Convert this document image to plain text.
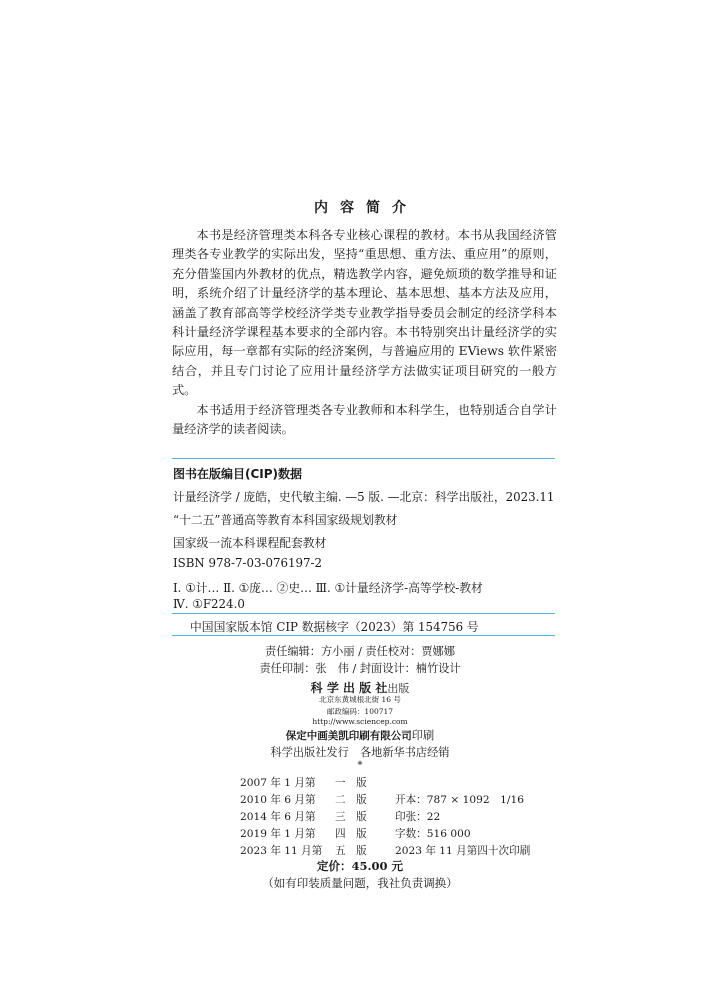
内容简介

本书是经济管理类本科各专业核心课程的教材。本书从我国经济管理类各专业教学的实际出发，坚持“重思想、重方法、重应用”的原则，充分借鉴国内外教材的优点，精选教学内容，避免烦琐的数学推导和证明，系统介绍了计量经济学的基本理论、基本思想、基本方法及应用，涵盖了教育部高等学校经济学类专业教学指导委员会制定的经济学科本科计量经济学课程基本要求的全部内容。本书特别突出计量经济学的实际应用，每一章都有实际的经济案例，与普遍应用的 EViews 软件紧密结合，并且专门讨论了应用计量经济学方法做实证项目研究的一般方式。

本书适用于经济管理类各专业教师和本科学生，也特别适合自学计量经济学的读者阅读。

图书在版编目(CIP)数据
计量经济学 / 庞皓，史代敏主编. —5 版. —北京：科学出版社，2023.11
“十二五”普通高等教育本科国家级规划教材
国家级一流本科课程配套教材
ISBN 978-7-03-076197-2
Ⅰ. ①计… Ⅱ. ①庞… ②史… Ⅲ. ①计量经济学-高等学校-教材
Ⅳ. ①F224.0
中国国家版本馆 CIP 数据核字（2023）第 154756 号
责任编辑：方小丽 / 责任校对：贾娜娜
责任印制：张　伟 / 封面设计：楠竹设计
科 学 出 版 社出版
北京东黄城根北街 16 号
邮政编码：100717
http://www.sciencep.com
保定中画美凯印刷有限公司印刷
科学出版社发行　各地新华书店经销
*
2007 年 1 月第 一　版
2010 年 6 月第 二　版	开本：787 × 1092　1/16
2014 年 6 月第 三　版	印张：22
2019 年 1 月第 四　版	字数：516 000
2023 年 11 月第 五　版	2023 年 11 月第四十次印刷
定价：45.00 元
（如有印装质量问题，我社负责调换）
